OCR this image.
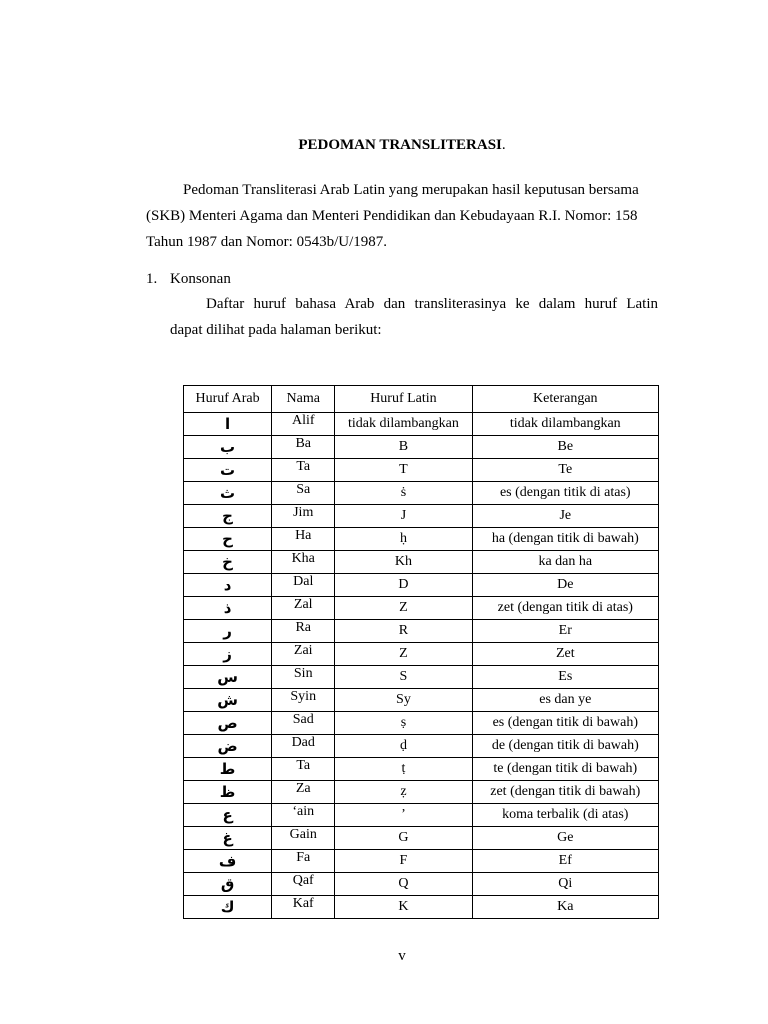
PEDOMAN TRANSLITERASI.
Pedoman Transliterasi Arab Latin yang merupakan hasil keputusan bersama
(SKB) Menteri Agama dan Menteri Pendidikan dan Kebudayaan R.I. Nomor: 158
Tahun 1987 dan Nomor: 0543b/U/1987.
1. Konsonan
Daftar huruf bahasa Arab dan transliterasinya ke dalam huruf Latin
dapat dilihat pada halaman berikut:
Huruf Arab	Nama	Huruf Latin	Keterangan
ا	Alif	tidak dilambangkan	tidak dilambangkan
ب	Ba	B	Be
ت	Ta	T	Te
ث	Sa	ṡ	es (dengan titik di atas)
ج	Jim	J	Je
ح	Ha	ḥ	ha (dengan titik di bawah)
خ	Kha	Kh	ka dan ha
د	Dal	D	De
ذ	Zal	Z	zet (dengan titik di atas)
ر	Ra	R	Er
ز	Zai	Z	Zet
س	Sin	S	Es
ش	Syin	Sy	es dan ye
ص	Sad	ṣ	es (dengan titik di bawah)
ض	Dad	ḍ	de (dengan titik di bawah)
ط	Ta	ṭ	te (dengan titik di bawah)
ظ	Za	ẓ	zet (dengan titik di bawah)
ع	‘ain	’	koma terbalik (di atas)
غ	Gain	G	Ge
ف	Fa	F	Ef
ق	Qaf	Q	Qi
ك	Kaf	K	Ka
v
